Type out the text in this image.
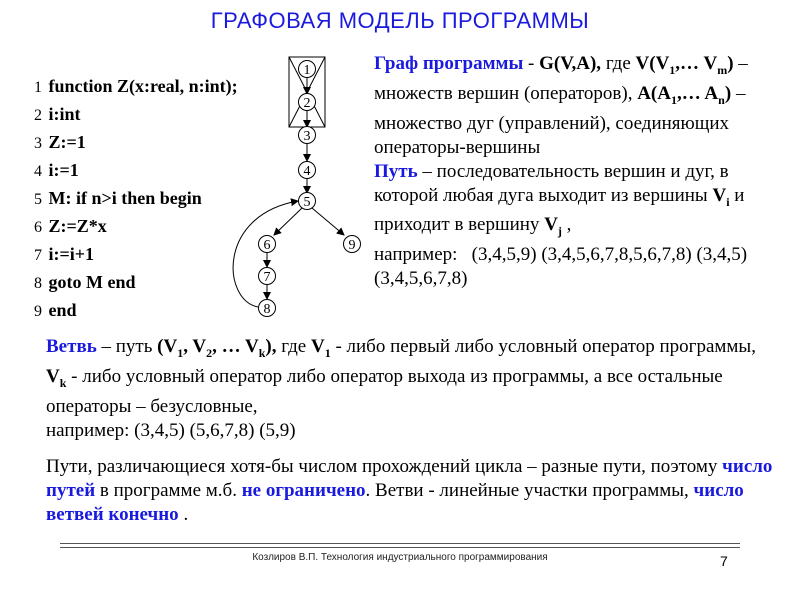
ГРАФОВАЯ МОДЕЛЬ ПРОГРАММЫ
1 function Z(x:real, n:int);
2 i:int
3 Z:=1
4 i:=1
5 M: if n>i then begin
6 Z:=Z*x
7 i:=i+1
8 goto M end
9 end
1
2
3
4
5
6
7
8
9
Граф программы - G(V,A), где $V(V_1,\dots$ $V_m$) – множеств вершин (операторов), $A(A_1,\dots$ $A_n$) – множество дуг (управлений), соединяющих операторы-вершины
Путь – последовательность вершин и дуг, в которой любая дуга выходит из вершины $V_i$ и приходит в вершину $V_j$ ,
например:   (3,4,5,9) (3,4,5,6,7,8,5,6,7,8) (3,4,5) (3,4,5,6,7,8)
Ветвь – путь ($V_1$, $V_2$, … $V_k$), где $V_1$ - либо первый либо условный оператор программы, $V_k$ - либо условный оператор либо оператор выхода из программы, а все остальные операторы – безусловные,
например: (3,4,5) (5,6,7,8) (5,9)
Пути, различающиеся хотя-бы числом прохождений цикла – разные пути, поэтому число путей в программе м.б. не ограничено. Ветви - линейные участки программы, число ветвей конечно .
Козлиров В.П. Технология индустриального программирования	7
